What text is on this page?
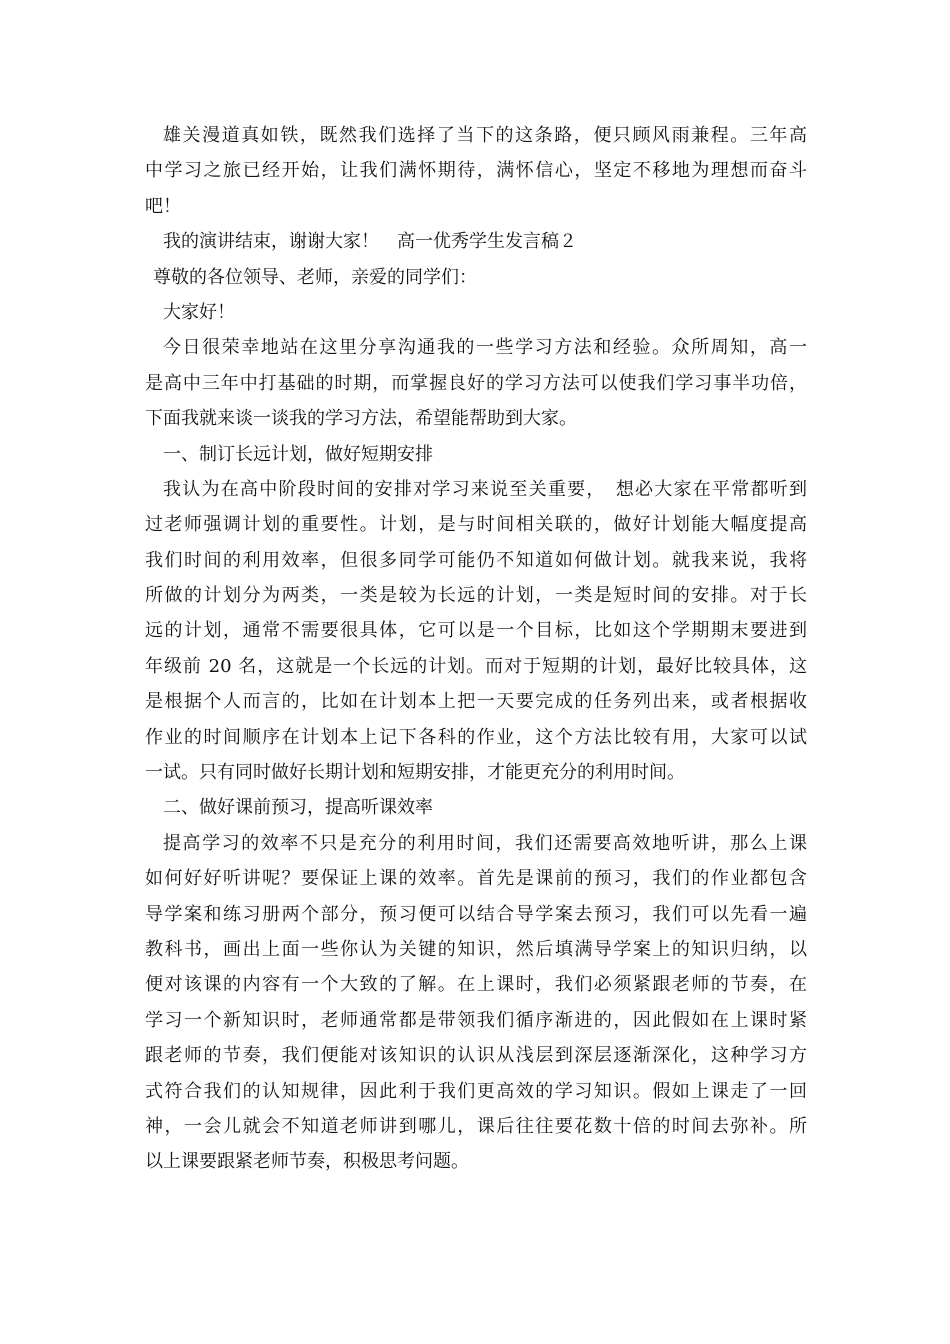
雄关漫道真如铁，既然我们选择了当下的这条路，便只顾风雨兼程。三年高
中学习之旅已经开始，让我们满怀期待，满怀信心，坚定不移地为理想而奋斗
吧！
我的演讲结束，谢谢大家！　高一优秀学生发言稿２
尊敬的各位领导、老师，亲爱的同学们：
大家好！
今日很荣幸地站在这里分享沟通我的一些学习方法和经验。众所周知，高一
是高中三年中打基础的时期，而掌握良好的学习方法可以使我们学习事半功倍，
下面我就来谈一谈我的学习方法，希望能帮助到大家。
一、制订长远计划，做好短期安排
我认为在高中阶段时间的安排对学习来说至关重要，　想必大家在平常都听到
过老师强调计划的重要性。计划，是与时间相关联的，做好计划能大幅度提高
我们时间的利用效率，但很多同学可能仍不知道如何做计划。就我来说，我将
所做的计划分为两类，一类是较为长远的计划，一类是短时间的安排。对于长
远的计划，通常不需要很具体，它可以是一个目标，比如这个学期期末要进到
年级前 20 名，这就是一个长远的计划。而对于短期的计划，最好比较具体，这
是根据个人而言的，比如在计划本上把一天要完成的任务列出来，或者根据收
作业的时间顺序在计划本上记下各科的作业，这个方法比较有用，大家可以试
一试。只有同时做好长期计划和短期安排，才能更充分的利用时间。
二、做好课前预习，提高听课效率
提高学习的效率不只是充分的利用时间，我们还需要高效地听讲，那么上课
如何好好听讲呢？要保证上课的效率。首先是课前的预习，我们的作业都包含
导学案和练习册两个部分，预习便可以结合导学案去预习，我们可以先看一遍
教科书，画出上面一些你认为关键的知识，然后填满导学案上的知识归纳，以
便对该课的内容有一个大致的了解。在上课时，我们必须紧跟老师的节奏，在
学习一个新知识时，老师通常都是带领我们循序渐进的，因此假如在上课时紧
跟老师的节奏，我们便能对该知识的认识从浅层到深层逐渐深化，这种学习方
式符合我们的认知规律，因此利于我们更高效的学习知识。假如上课走了一回
神，一会儿就会不知道老师讲到哪儿，课后往往要花数十倍的时间去弥补。所
以上课要跟紧老师节奏，积极思考问题。
